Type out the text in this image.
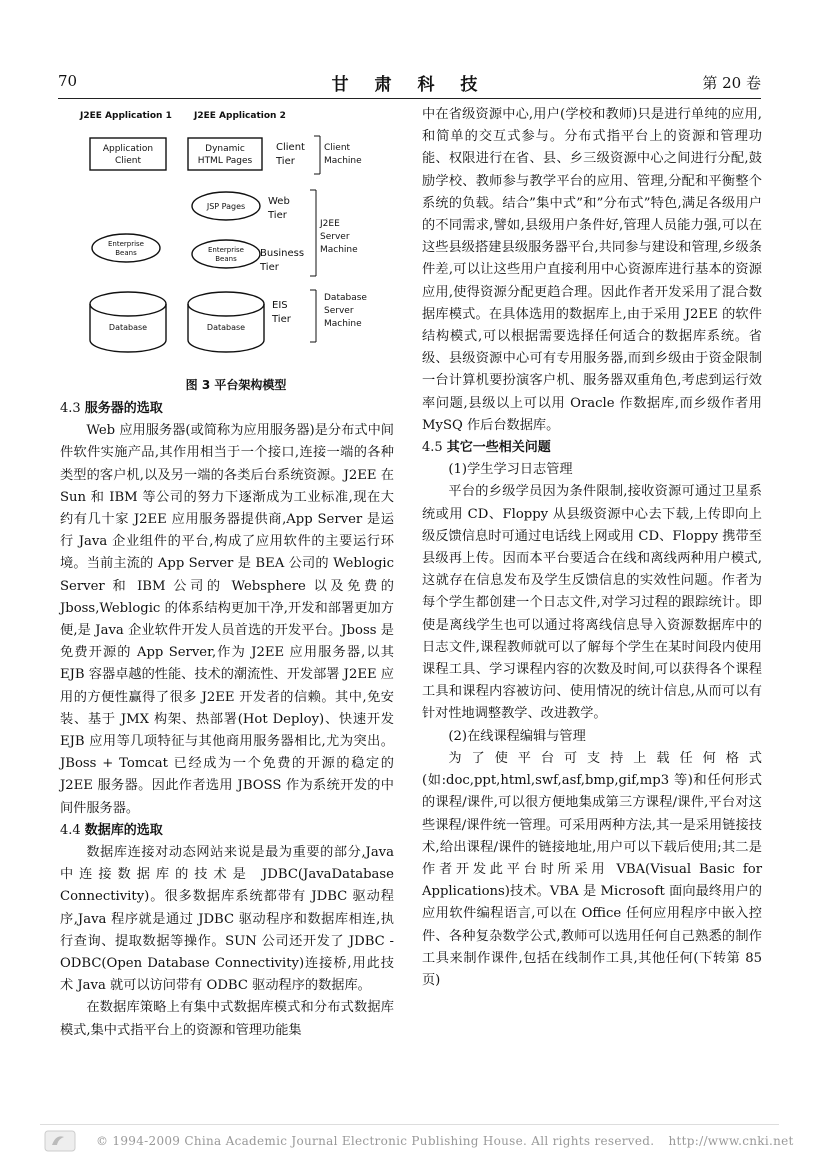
70	甘 肃 科 技	第 20 卷
J2EE Application 1 J2EE Application 2
Application
Client
Dynamic
HTML Pages
Client
Tier
Client
Machine
JSP Pages Web
Tier
Enterprise
Beans	Enterprise
Beans Business
Tier
J2EE
Server
Machine
Database	Database
EIS
Tier
Database
Server
Machine
图 3 平台架构模型

4.3 服务器的选取

Web 应用服务器(或简称为应用服务器)是分布式中间件软件实施产品,其作用相当于一个接口,连接一端的各种类型的客户机,以及另一端的各类后台系统资源。J2EE 在 Sun 和 IBM 等公司的努力下逐渐成为工业标准,现在大约有几十家 J2EE 应用服务器提供商,App Server 是运行 Java 企业组件的平台,构成了应用软件的主要运行环境。当前主流的 App Server 是 BEA 公司的 Weblogic Server 和 IBM 公司的 Websphere 以及免费的 Jboss,Weblogic 的体系结构更加干净,开发和部署更加方便,是 Java 企业软件开发人员首选的开发平台。Jboss 是免费开源的 App Server,作为 J2EE 应用服务器,以其 EJB 容器卓越的性能、技术的潮流性、开发部署 J2EE 应用的方便性赢得了很多 J2EE 开发者的信赖。其中,免安装、基于 JMX 构架、热部署(Hot Deploy)、快速开发 EJB 应用等几项特征与其他商用服务器相比,尤为突出。JBoss + Tomcat 已经成为一个免费的开源的稳定的 J2EE 服务器。因此作者选用 JBOSS 作为系统开发的中间件服务器。

4.4 数据库的选取

数据库连接对动态网站来说是最为重要的部分,Java 中连接数据库的技术是 JDBC(JavaDatabase Connectivity)。很多数据库系统都带有 JDBC 驱动程序,Java 程序就是通过 JDBC 驱动程序和数据库相连,执行查询、提取数据等操作。SUN 公司还开发了 JDBC - ODBC(Open Database Connectivity)连接桥,用此技术 Java 就可以访问带有 ODBC 驱动程序的数据库。

在数据库策略上有集中式数据库模式和分布式数据库模式,集中式指平台上的资源和管理功能集

中在省级资源中心,用户(学校和教师)只是进行单纯的应用,和简单的交互式参与。分布式指平台上的资源和管理功能、权限进行在省、县、乡三级资源中心之间进行分配,鼓励学校、教师参与教学平台的应用、管理,分配和平衡整个系统的负载。结合”集中式”和”分布式”特色,满足各级用户的不同需求,譬如,县级用户条件好,管理人员能力强,可以在这些县级搭建县级服务器平台,共同参与建设和管理,乡级条件差,可以让这些用户直接利用中心资源库进行基本的资源应用,使得资源分配更趋合理。因此作者开发采用了混合数据库模式。在具体选用的数据库上,由于采用 J2EE 的软件结构模式,可以根据需要选择任何适合的数据库系统。省级、县级资源中心可有专用服务器,而到乡级由于资金限制一台计算机要扮演客户机、服务器双重角色,考虑到运行效率问题,县级以上可以用 Oracle 作数据库,而乡级作者用 MySQ 作后台数据库。

4.5 其它一些相关问题

(1)学生学习日志管理

平台的乡级学员因为条件限制,接收资源可通过卫星系统或用 CD、Floppy 从县级资源中心去下载,上传即向上级反馈信息时可通过电话线上网或用 CD、Floppy 携带至县级再上传。因而本平台要适合在线和离线两种用户模式,这就存在信息发布及学生反馈信息的实效性问题。作者为每个学生都创建一个日志文件,对学习过程的跟踪统计。即使是离线学生也可以通过将离线信息导入资源数据库中的日志文件,课程教师就可以了解每个学生在某时间段内使用课程工具、学习课程内容的次数及时间,可以获得各个课程工具和课程内容被访问、使用情况的统计信息,从而可以有针对性地调整教学、改进教学。

(2)在线课程编辑与管理

为了使平台可支持上载任何格式(如:doc,ppt,html,swf,asf,bmp,gif,mp3 等)和任何形式的课程/课件,可以很方便地集成第三方课程/课件,平台对这些课程/课件统一管理。可采用两种方法,其一是采用链接技术,给出课程/课件的链接地址,用户可以下载后使用;其二是作者开发此平台时所采用 VBA(Visual Basic for Applications)技术。VBA 是 Microsoft 面向最终用户的应用软件编程语言,可以在 Office 任何应用程序中嵌入控件、各种复杂数学公式,教师可以选用任何自己熟悉的制作工具来制作课件,包括在线制作工具,其他任何(下转第 85 页)

© 1994-2009 China Academic Journal Electronic Publishing House. All rights reserved. http://www.cnki.net
